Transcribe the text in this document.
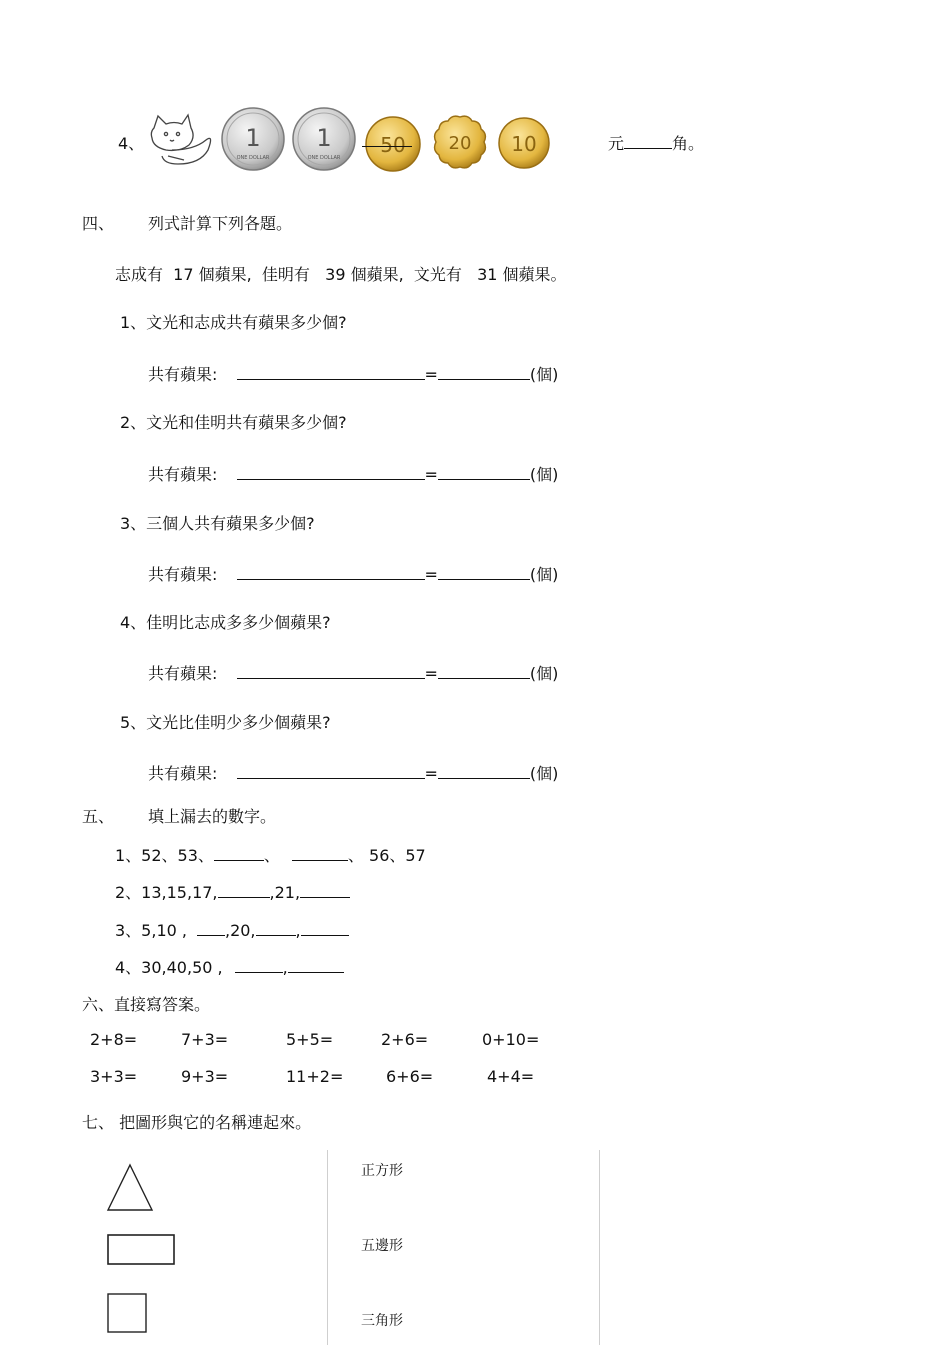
4、	1
ONE DOLLAR
1
ONE DOLLAR
50 20 10	元	角。
四、 列式計算下列各題。
志成有  17 個蘋果,  佳明有   39 個蘋果,  文光有   31 個蘋果。
1、文光和志成共有蘋果多少個?
共有蘋果:	=	(個)
2、文光和佳明共有蘋果多少個?
共有蘋果:	=	(個)
3、三個人共有蘋果多少個?
共有蘋果:	=	(個)
4、佳明比志成多多少個蘋果?
共有蘋果:	=	(個)
5、文光比佳明少多少個蘋果?
共有蘋果:	=	(個)
五、 填上漏去的數字。
1、52、53、	、	、 56、57
2、13,15,17,	,21,
3、5,10 , ,20,	,
4、30,40,50 ,	,
六、直接寫答案。
2+8=	7+3=	5+5=	2+6=	0+10=
3+3=	9+3=	11+2=	6+6=	4+4=
七、 把圖形與它的名稱連起來。
正方形
五邊形
三角形
